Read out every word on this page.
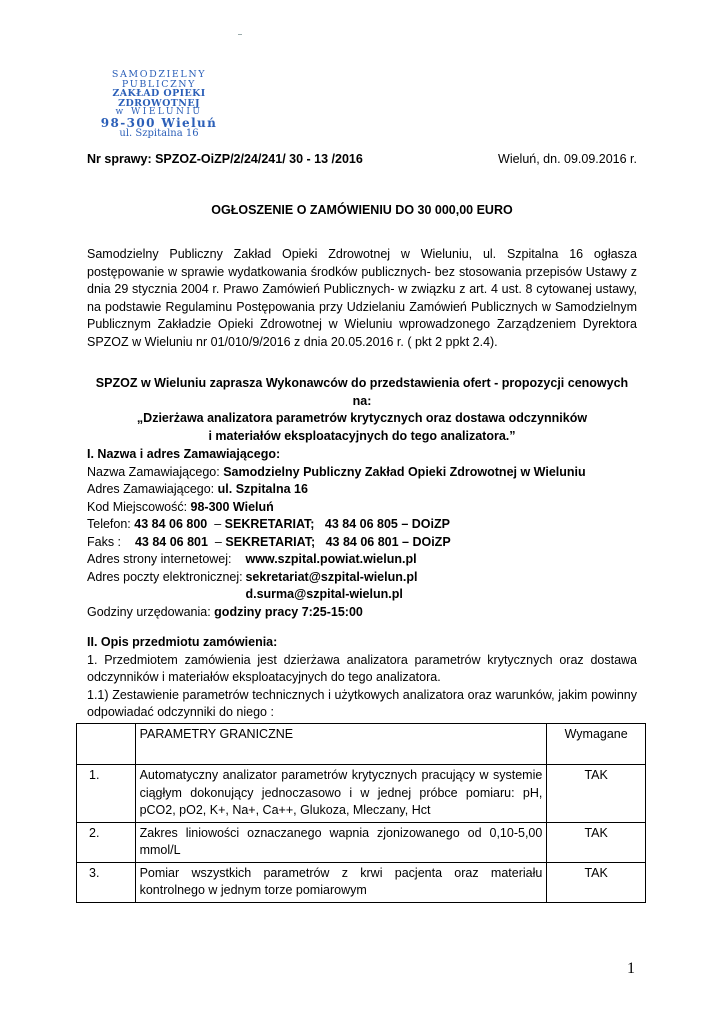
SAMODZIELNY PUBLICZNY
ZAKŁAD OPIEKI ZDROWOTNEJ
w WIELUNIU
98-300 Wieluń
ul. Szpitalna 16
Nr sprawy: SPZOZ-OiZP/2/24/241/ 30 - 13 /2016	Wieluń, dn. 09.09.2016 r.
OGŁOSZENIE O ZAMÓWIENIU DO 30 000,00 EURO
Samodzielny Publiczny Zakład Opieki Zdrowotnej w Wieluniu, ul. Szpitalna 16 ogłasza postępowanie w sprawie wydatkowania środków publicznych- bez stosowania przepisów Ustawy z dnia 29 stycznia 2004 r. Prawo Zamówień Publicznych- w związku z art. 4 ust. 8 cytowanej ustawy, na podstawie Regulaminu Postępowania przy Udzielaniu Zamówień Publicznych w Samodzielnym Publicznym Zakładzie Opieki Zdrowotnej w Wieluniu wprowadzonego Zarządzeniem Dyrektora SPZOZ w Wieluniu nr 01/010/9/2016 z dnia 20.05.2016 r. ( pkt 2 ppkt 2.4).
SPZOZ w Wieluniu zaprasza Wykonawców do przedstawienia ofert - propozycji cenowych na:
„Dzierżawa analizatora parametrów krytycznych oraz dostawa odczynników
i materiałów eksploatacyjnych do tego analizatora.”
I. Nazwa i adres Zamawiającego:
Nazwa Zamawiającego: Samodzielny Publiczny Zakład Opieki Zdrowotnej w Wieluniu
Adres Zamawiającego: ul. Szpitalna 16
Kod Miejscowość: 98-300 Wieluń
Telefon: 43 84 06 800  – SEKRETARIAT; 43 84 06 805 – DOiZP
Faks : 43 84 06 801  – SEKRETARIAT; 43 84 06 801 – DOiZP
Adres strony internetowej: www.szpital.powiat.wielun.pl
Adres poczty elektronicznej: sekretariat@szpital-wielun.pl
d.surma@szpital-wielun.pl
Godziny urzędowania: godziny pracy 7:25-15:00
II. Opis przedmiotu zamówienia:
1. Przedmiotem zamówienia jest dzierżawa analizatora parametrów krytycznych oraz dostawa odczynników i materiałów eksploatacyjnych do tego analizatora.
1.1) Zestawienie parametrów technicznych i użytkowych analizatora oraz warunków, jakim powinny odpowiadać odczynniki do niego :
	PARAMETRY GRANICZNE	Wymagane
1.	Automatyczny analizator parametrów krytycznych pracujący w systemie ciągłym dokonujący jednoczasowo i w jednej próbce pomiaru: pH, pCO2, pO2, K+, Na+, Ca++, Glukoza, Mleczany, Hct	TAK
2.	Zakres liniowości oznaczanego wapnia zjonizowanego od 0,10-5,00 mmol/L	TAK
3.	Pomiar wszystkich parametrów z krwi pacjenta oraz materiału kontrolnego w jednym torze pomiarowym	TAK
1
